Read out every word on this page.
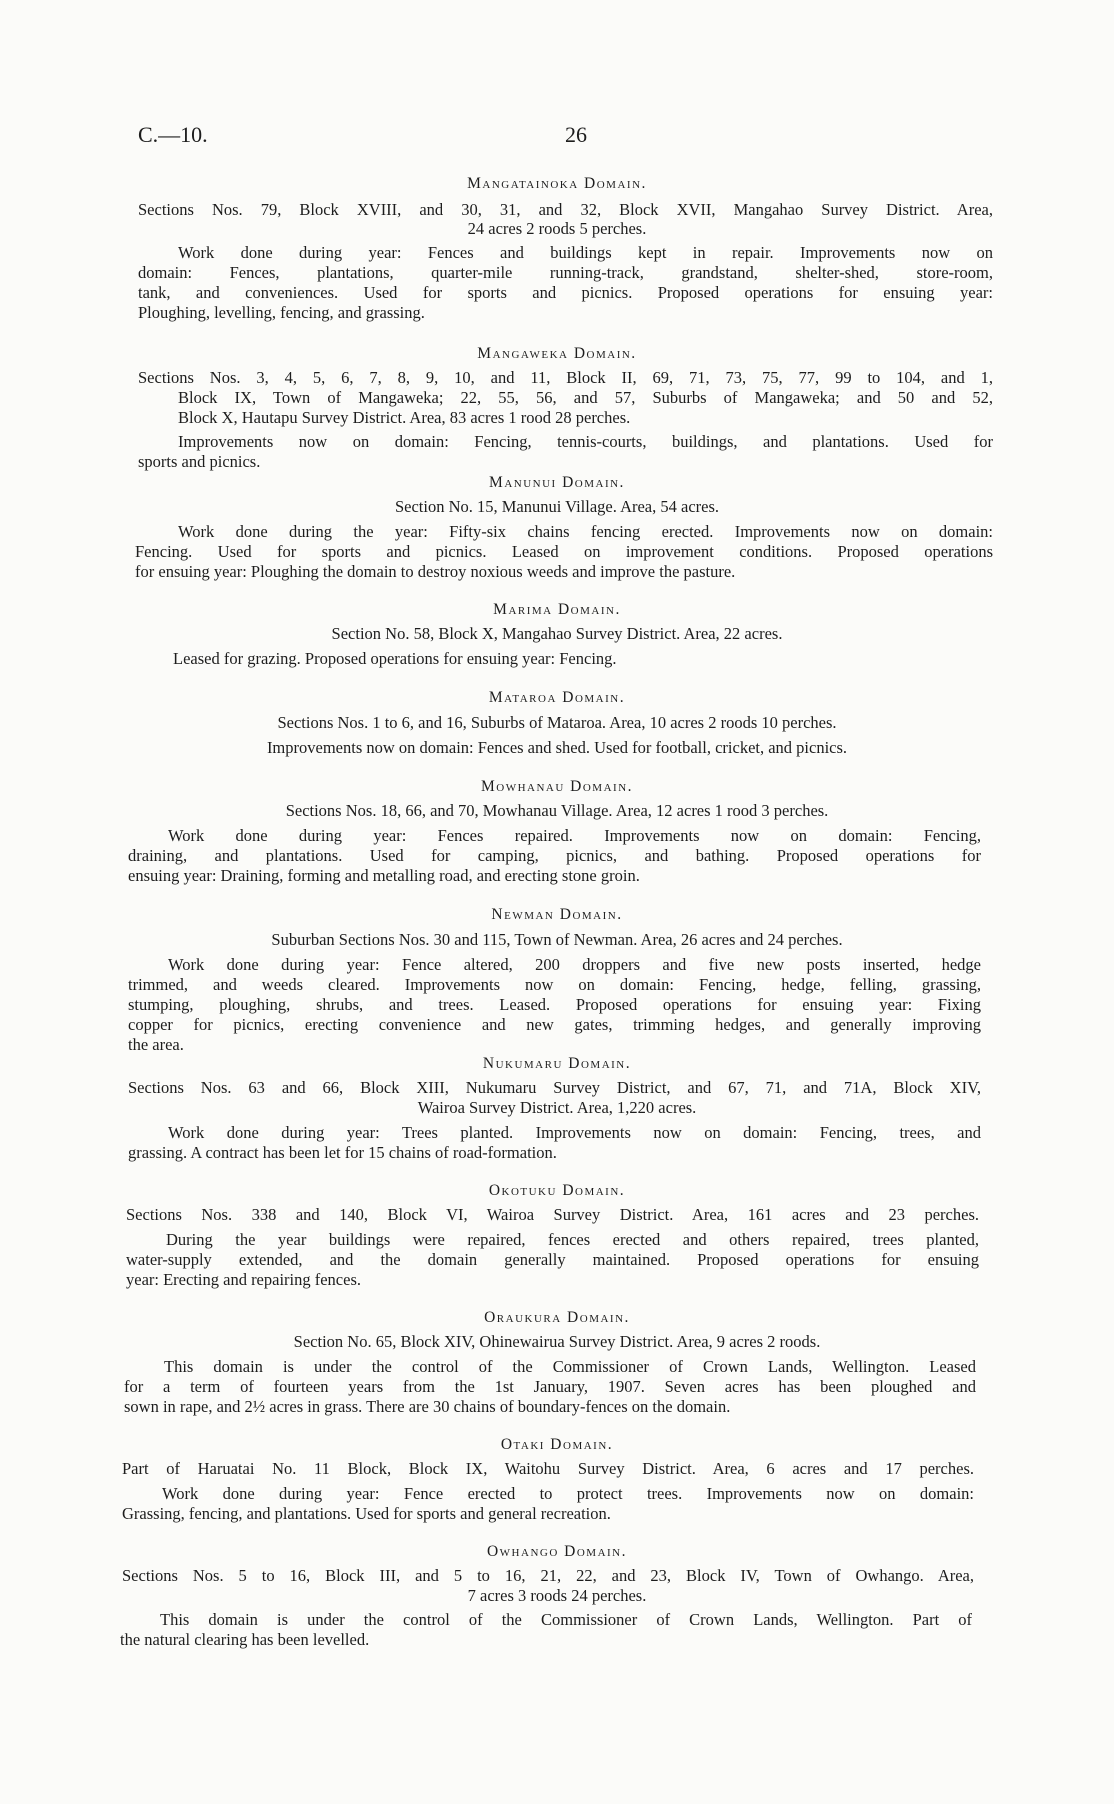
C.—10.	26
Mangatainoka Domain.
Sections Nos. 79, Block XVIII, and 30, 31, and 32, Block XVII, Mangahao Survey District. Area,
24 acres 2 roods 5 perches.
Work done during year: Fences and buildings kept in repair. Improvements now on
domain: Fences, plantations, quarter-mile running-track, grandstand, shelter-shed, store-room,
tank, and conveniences. Used for sports and picnics. Proposed operations for ensuing year:
Ploughing, levelling, fencing, and grassing.
Mangaweka Domain.
Sections Nos. 3, 4, 5, 6, 7, 8, 9, 10, and 11, Block II, 69, 71, 73, 75, 77, 99 to 104, and 1,
Block IX, Town of Mangaweka; 22, 55, 56, and 57, Suburbs of Mangaweka; and 50 and 52,
Block X, Hautapu Survey District. Area, 83 acres 1 rood 28 perches.
Improvements now on domain: Fencing, tennis-courts, buildings, and plantations. Used for
sports and picnics.
Manunui Domain.
Section No. 15, Manunui Village. Area, 54 acres.
Work done during the year: Fifty-six chains fencing erected. Improvements now on domain:
Fencing. Used for sports and picnics. Leased on improvement conditions. Proposed operations
for ensuing year: Ploughing the domain to destroy noxious weeds and improve the pasture.
Marima Domain.
Section No. 58, Block X, Mangahao Survey District. Area, 22 acres.
Leased for grazing. Proposed operations for ensuing year: Fencing.
Mataroa Domain.
Sections Nos. 1 to 6, and 16, Suburbs of Mataroa. Area, 10 acres 2 roods 10 perches.
Improvements now on domain: Fences and shed. Used for football, cricket, and picnics.
Mowhanau Domain.
Sections Nos. 18, 66, and 70, Mowhanau Village. Area, 12 acres 1 rood 3 perches.
Work done during year: Fences repaired. Improvements now on domain: Fencing,
draining, and plantations. Used for camping, picnics, and bathing. Proposed operations for
ensuing year: Draining, forming and metalling road, and erecting stone groin.
Newman Domain.
Suburban Sections Nos. 30 and 115, Town of Newman. Area, 26 acres and 24 perches.
Work done during year: Fence altered, 200 droppers and five new posts inserted, hedge
trimmed, and weeds cleared. Improvements now on domain: Fencing, hedge, felling, grassing,
stumping, ploughing, shrubs, and trees. Leased. Proposed operations for ensuing year: Fixing
copper for picnics, erecting convenience and new gates, trimming hedges, and generally improving
the area.
Nukumaru Domain.
Sections Nos. 63 and 66, Block XIII, Nukumaru Survey District, and 67, 71, and 71A, Block XIV,
Wairoa Survey District. Area, 1,220 acres.
Work done during year: Trees planted. Improvements now on domain: Fencing, trees, and
grassing. A contract has been let for 15 chains of road-formation.
Okotuku Domain.
Sections Nos. 338 and 140, Block VI, Wairoa Survey District. Area, 161 acres and 23 perches.
During the year buildings were repaired, fences erected and others repaired, trees planted,
water-supply extended, and the domain generally maintained. Proposed operations for ensuing
year: Erecting and repairing fences.
Oraukura Domain.
Section No. 65, Block XIV, Ohinewairua Survey District. Area, 9 acres 2 roods.
This domain is under the control of the Commissioner of Crown Lands, Wellington. Leased
for a term of fourteen years from the 1st January, 1907. Seven acres has been ploughed and
sown in rape, and 2½ acres in grass. There are 30 chains of boundary-fences on the domain.
Otaki Domain.
Part of Haruatai No. 11 Block, Block IX, Waitohu Survey District. Area, 6 acres and 17 perches.
Work done during year: Fence erected to protect trees. Improvements now on domain:
Grassing, fencing, and plantations. Used for sports and general recreation.
Owhango Domain.
Sections Nos. 5 to 16, Block III, and 5 to 16, 21, 22, and 23, Block IV, Town of Owhango. Area,
7 acres 3 roods 24 perches.
This domain is under the control of the Commissioner of Crown Lands, Wellington. Part of
the natural clearing has been levelled.
